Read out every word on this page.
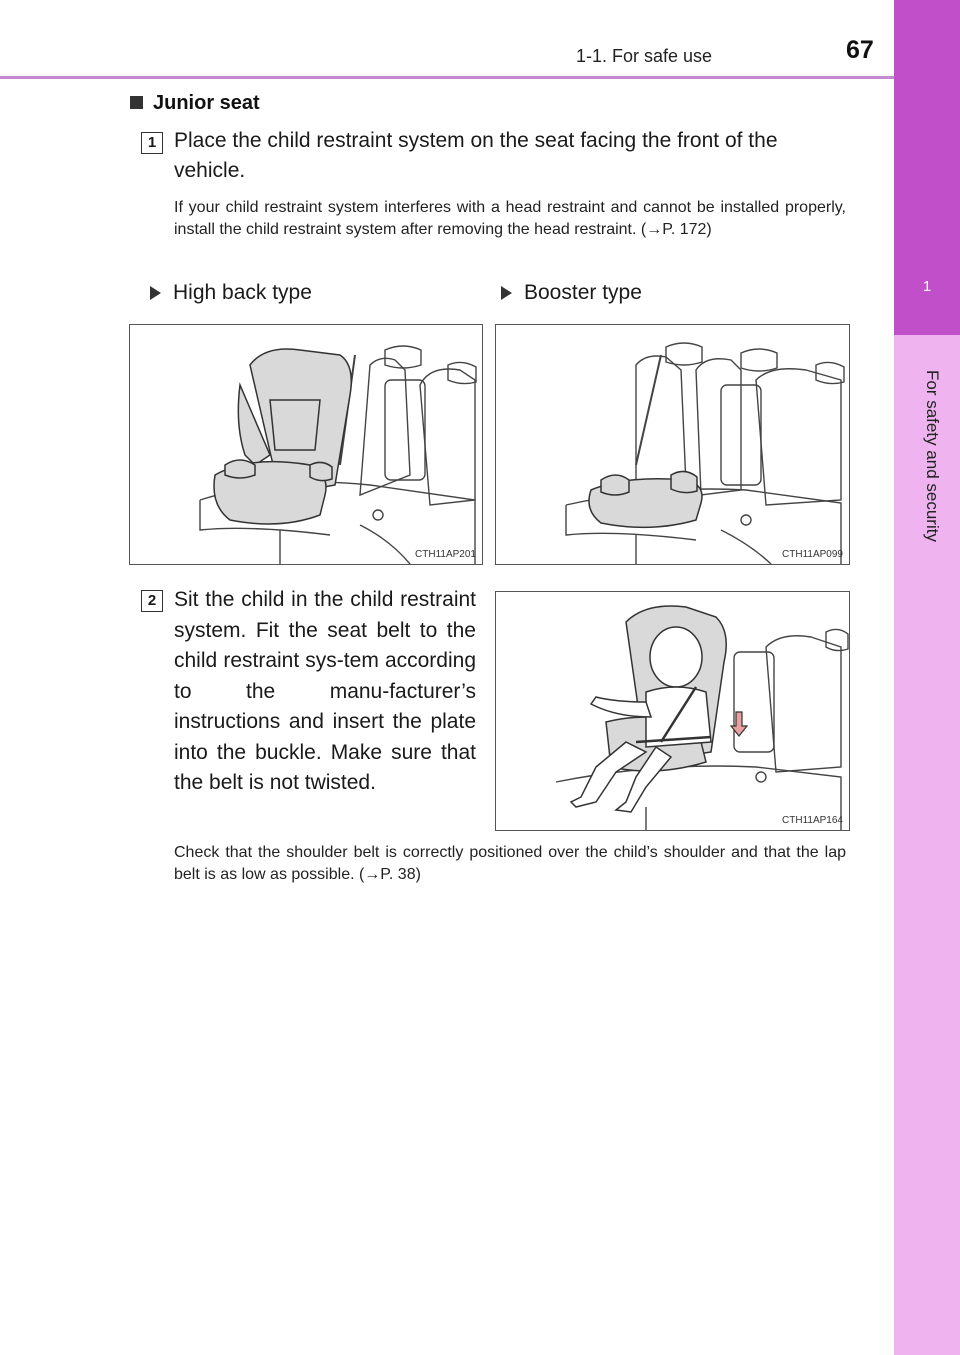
1
For safety and security
1-1. For safe use	67
Junior seat
1 Place the child restraint system on the seat facing the front of the vehicle.
If your child restraint system interferes with a head restraint and cannot be installed properly, install the child restraint system after removing the head restraint. (→P. 172)
High back type	Booster type
CTH11AP201	CTH11AP099
2 Sit the child in the child restraint system. Fit the seat belt to the child restraint sys-tem according to the manu-facturer’s instructions and insert the plate into the buckle. Make sure that the belt is not twisted.
CTH11AP164
Check that the shoulder belt is correctly positioned over the child’s shoulder and that the lap belt is as low as possible. (→P. 38)
